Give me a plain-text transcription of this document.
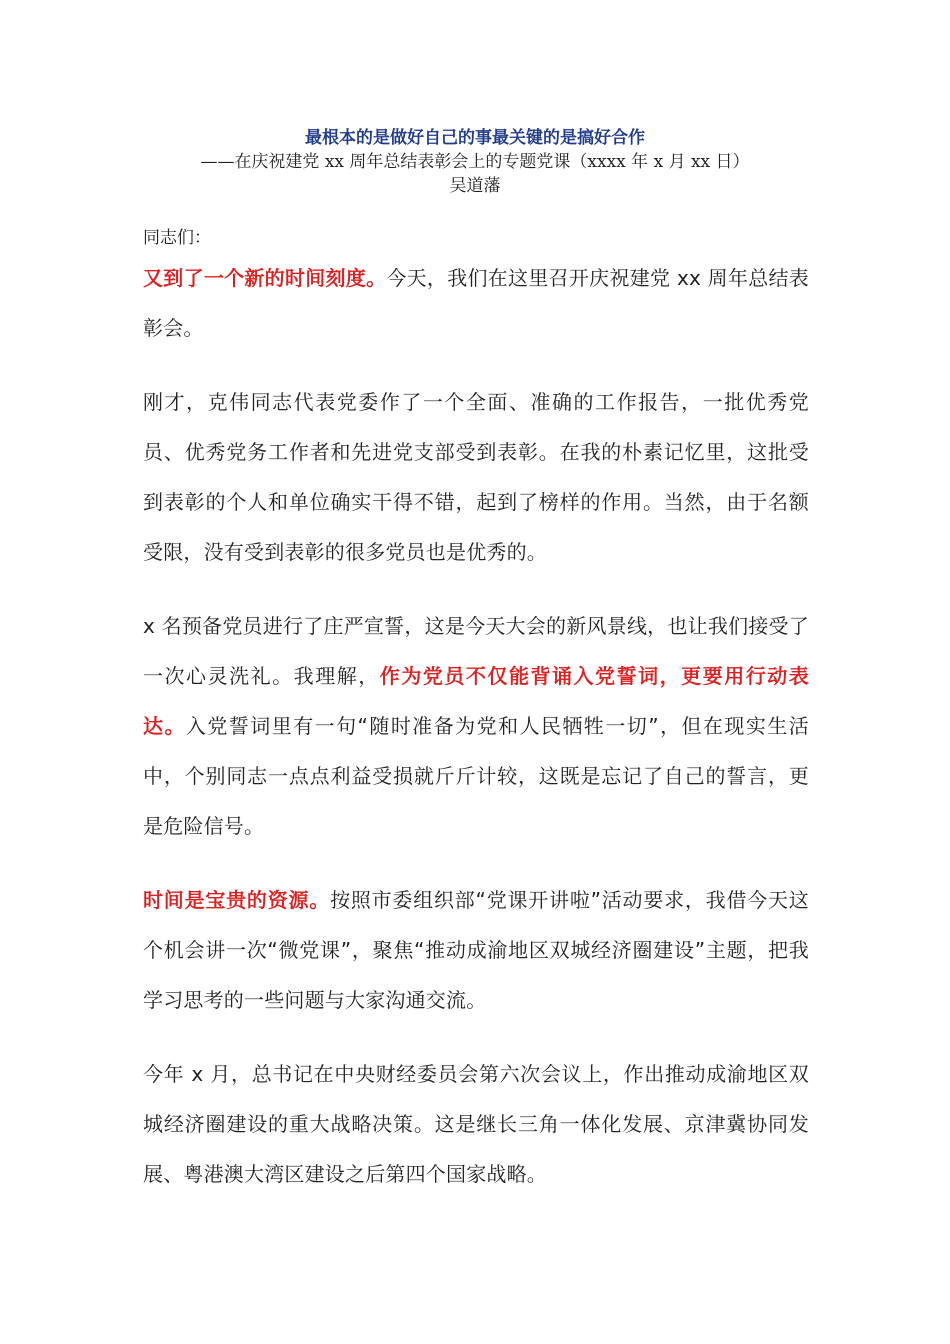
最根本的是做好自己的事最关键的是搞好合作

——在庆祝建党 xx 周年总结表彰会上的专题党课（xxxx 年 x 月 xx 日）

吴道藩

同志们：

又到了一个新的时间刻度。今天，我们在这里召开庆祝建党 xx 周年总结表彰会。

刚才，克伟同志代表党委作了一个全面、准确的工作报告，一批优秀党员、优秀党务工作者和先进党支部受到表彰。在我的朴素记忆里，这批受到表彰的个人和单位确实干得不错，起到了榜样的作用。当然，由于名额受限，没有受到表彰的很多党员也是优秀的。

x 名预备党员进行了庄严宣誓，这是今天大会的新风景线，也让我们接受了一次心灵洗礼。我理解，作为党员不仅能背诵入党誓词，更要用行动表达。入党誓词里有一句“随时准备为党和人民牺牲一切”，但在现实生活中，个别同志一点点利益受损就斤斤计较，这既是忘记了自己的誓言，更是危险信号。

时间是宝贵的资源。按照市委组织部“党课开讲啦”活动要求，我借今天这个机会讲一次“微党课”，聚焦“推动成渝地区双城经济圈建设”主题，把我学习思考的一些问题与大家沟通交流。

今年 x 月，总书记在中央财经委员会第六次会议上，作出推动成渝地区双城经济圈建设的重大战略决策。这是继长三角一体化发展、京津冀协同发展、粤港澳大湾区建设之后第四个国家战略。
